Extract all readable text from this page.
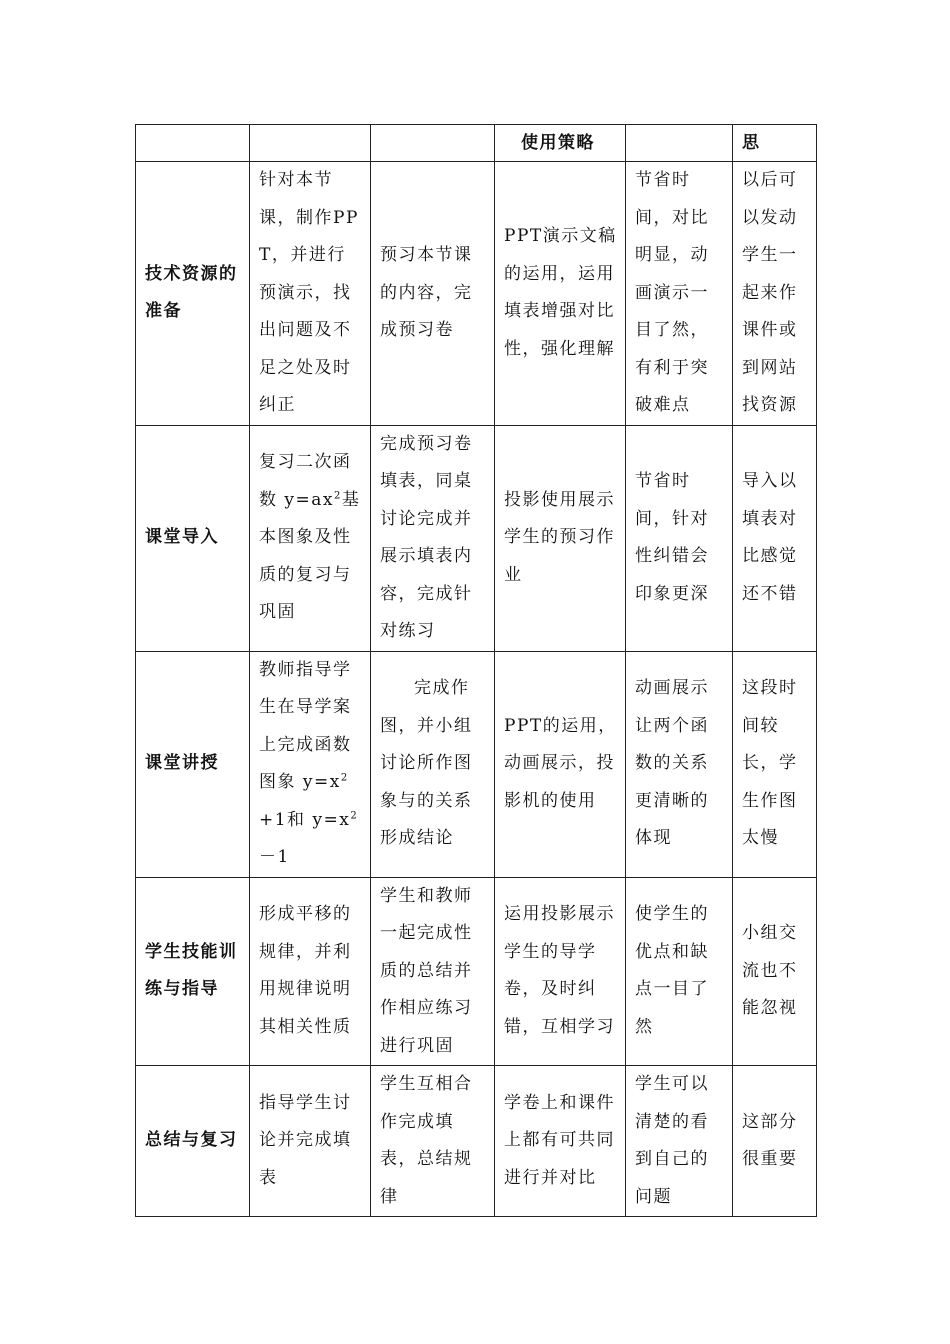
			使用策略		思
技术资源的准备	针对本节课，制作PPT，并进行预演示，找出问题及不足之处及时纠正	预习本节课的内容，完成预习卷	PPT演示文稿的运用，运用填表增强对比性，强化理解	节省时间，对比明显，动画演示一目了然，有利于突破难点	以后可以发动学生一起来作课件或到网站找资源
课堂导入	复习二次函数 $y=ax^2$基本图象及性质的复习与巩固	完成预习卷填表，同桌讨论完成并展示填表内容，完成针对练习	投影使用展示学生的预习作业	节省时间，针对性纠错会印象更深	导入以填表对比感觉还不错
课堂讲授	教师指导学生在导学案上完成函数图象 $y=x^2+1$和 $y=x^2 -1$	完成作图，并小组讨论所作图象与的关系形成结论	PPT的运用，动画展示，投影机的使用	动画展示让两个函数的关系更清晰的体现	这段时间较长，学生作图太慢
学生技能训练与指导	形成平移的规律，并利用规律说明其相关性质	学生和教师一起完成性质的总结并作相应练习进行巩固	运用投影展示学生的导学卷，及时纠错，互相学习	使学生的优点和缺点一目了然	小组交流也不能忽视
总结与复习	指导学生讨论并完成填表	学生互相合作完成填表，总结规律	学卷上和课件上都有可共同进行并对比	学生可以清楚的看到自己的问题	这部分很重要
